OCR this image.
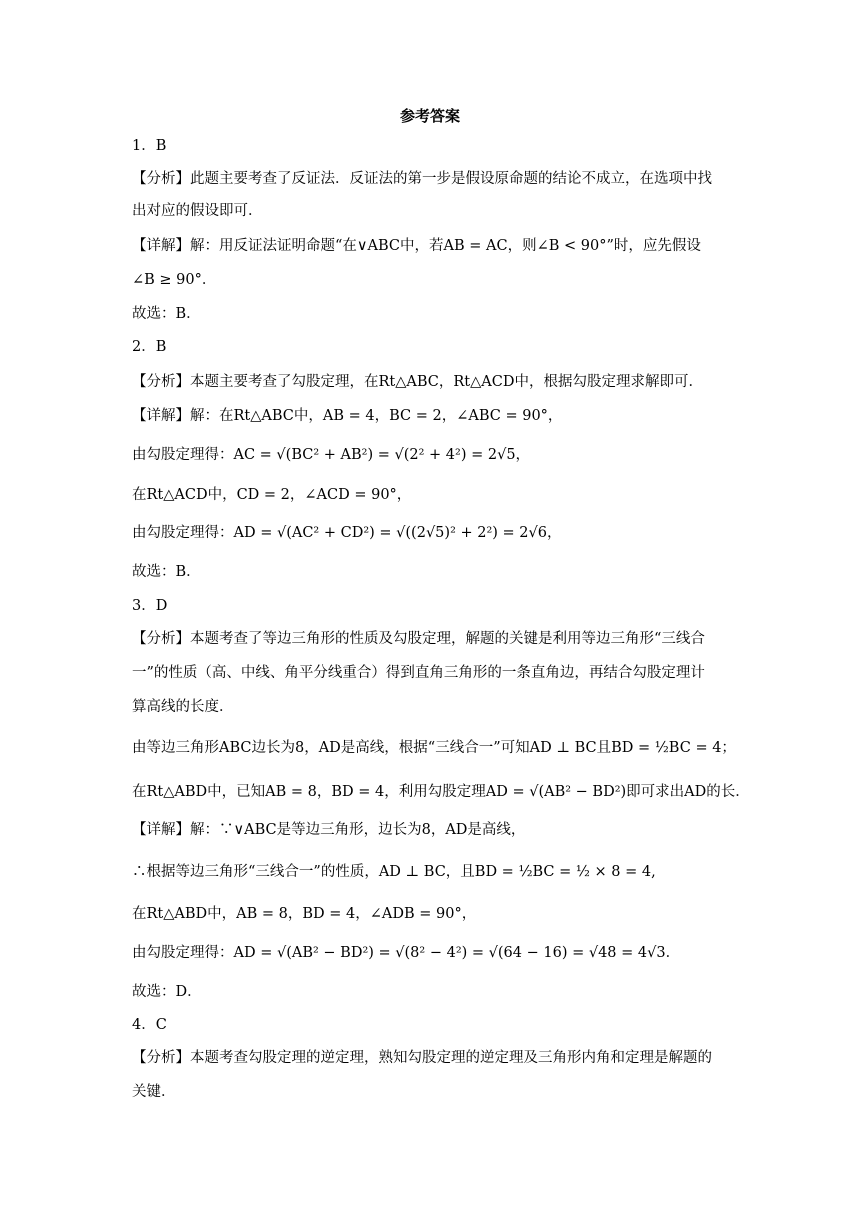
参考答案
1．B
【分析】此题主要考查了反证法．反证法的第一步是假设原命题的结论不成立，在选项中找
出对应的假设即可．
【详解】解：用反证法证明命题“在∨ABC中，若AB = AC，则∠B < 90°”时，应先假设
∠B ≥ 90°．
故选：B．
2．B
【分析】本题主要考查了勾股定理，在Rt△ABC，Rt△ACD中，根据勾股定理求解即可．
【详解】解：在Rt△ABC中，AB = 4，BC = 2，∠ABC = 90°，
由勾股定理得：AC = √(BC² + AB²) = √(2² + 4²) = 2√5，
在Rt△ACD中，CD = 2，∠ACD = 90°，
由勾股定理得：AD = √(AC² + CD²) = √((2√5)² + 2²) = 2√6，
故选：B．
3．D
【分析】本题考查了等边三角形的性质及勾股定理，解题的关键是利用等边三角形“三线合
一”的性质（高、中线、角平分线重合）得到直角三角形的一条直角边，再结合勾股定理计
算高线的长度．
由等边三角形ABC边长为8，AD是高线，根据“三线合一”可知AD ⊥ BC且BD = ½BC = 4；
在Rt△ABD中，已知AB = 8，BD = 4，利用勾股定理AD = √(AB² − BD²)即可求出AD的长．
【详解】解：∵∨ABC是等边三角形，边长为8，AD是高线，
∴根据等边三角形“三线合一”的性质，AD ⊥ BC，且BD = ½BC = ½ × 8 = 4,
在Rt△ABD中，AB = 8，BD = 4，∠ADB = 90°，
由勾股定理得：AD = √(AB² − BD²) = √(8² − 4²) = √(64 − 16) = √48 = 4√3．
故选：D．
4．C
【分析】本题考查勾股定理的逆定理，熟知勾股定理的逆定理及三角形内角和定理是解题的
关键．
